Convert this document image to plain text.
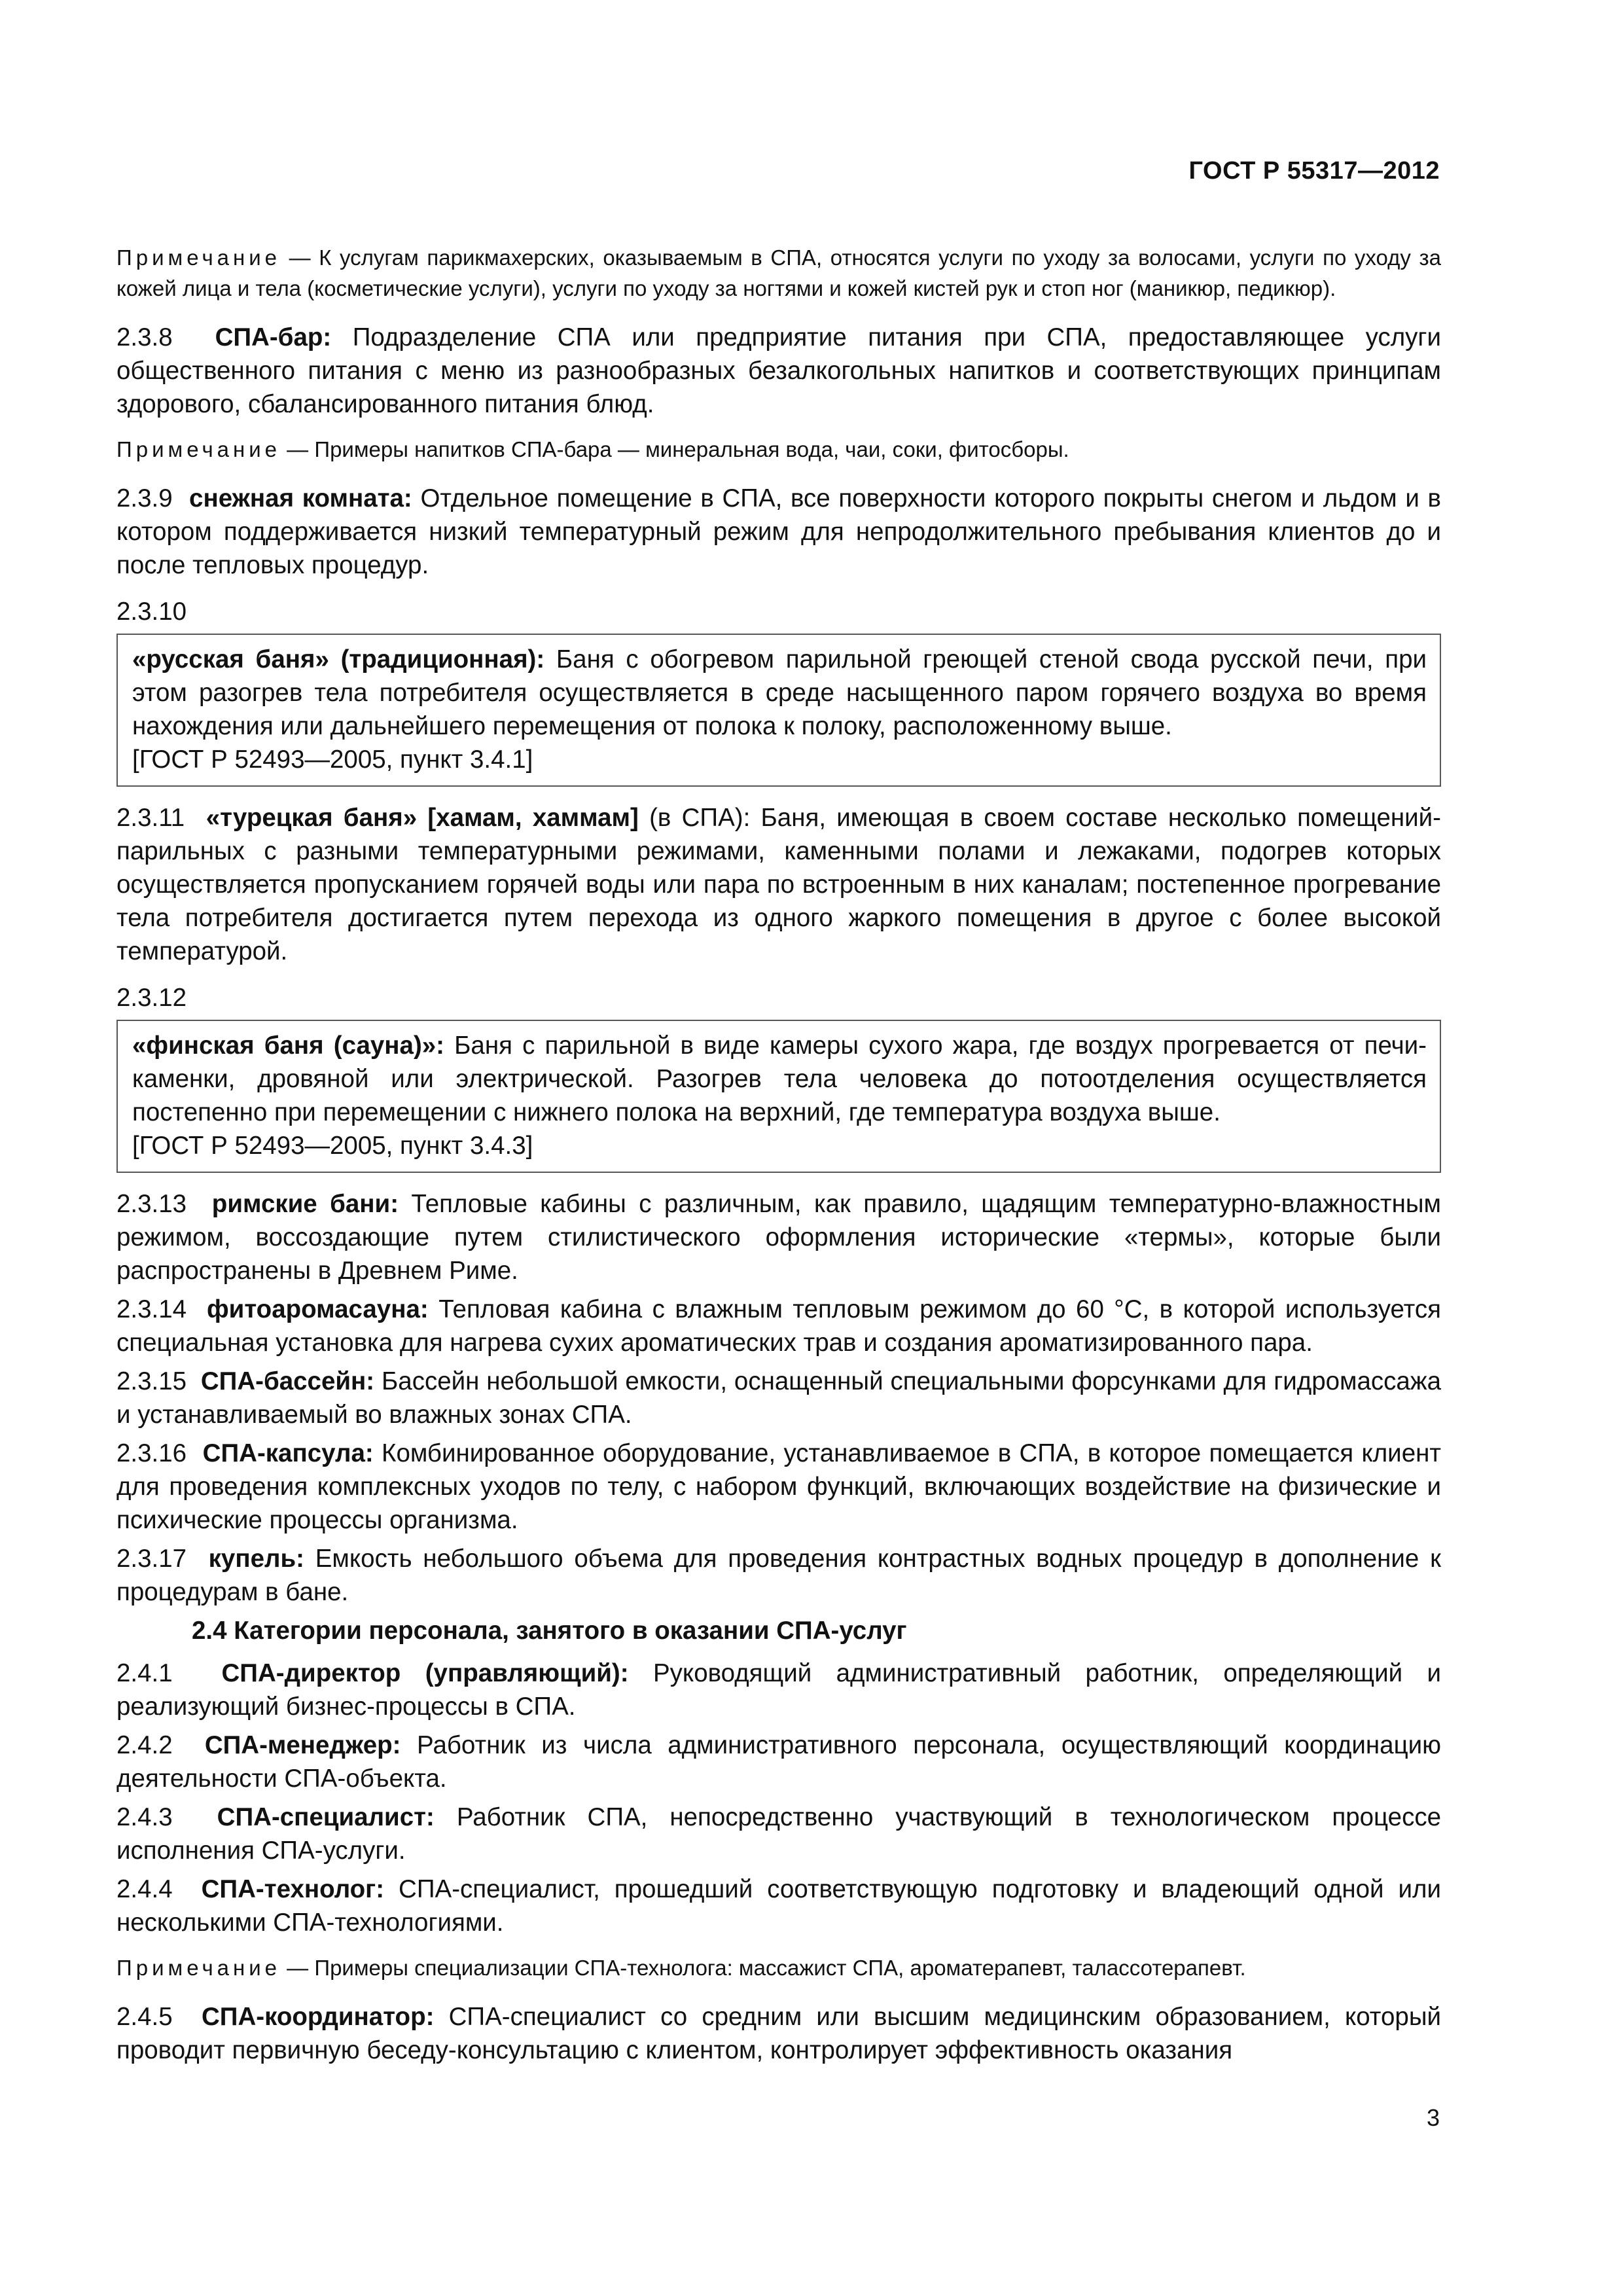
ГОСТ Р 55317—2012

Примечание — К услугам парикмахерских, оказываемым в СПА, относятся услуги по уходу за волосами, услуги по уходу за кожей лица и тела (косметические услуги), услуги по уходу за ногтями и кожей кистей рук и стоп ног (маникюр, педикюр).

2.3.8 СПА-бар: Подразделение СПА или предприятие питания при СПА, предоставляющее услуги общественного питания с меню из разнообразных безалкогольных напитков и соответствующих принципам здорового, сбалансированного питания блюд.

Примечание — Примеры напитков СПА-бара — минеральная вода, чаи, соки, фитосборы.

2.3.9 снежная комната: Отдельное помещение в СПА, все поверхности которого покрыты снегом и льдом и в котором поддерживается низкий температурный режим для непродолжительного пребывания клиентов до и после тепловых процедур.

2.3.10

«русская баня» (традиционная): Баня с обогревом парильной греющей стеной свода русской печи, при этом разогрев тела потребителя осуществляется в среде насыщенного паром горячего воздуха во время нахождения или дальнейшего перемещения от полока к полоку, расположенному выше.

[ГОСТ Р 52493—2005, пункт 3.4.1]

2.3.11 «турецкая баня» [хамам, хаммам] (в СПА): Баня, имеющая в своем составе несколько помещений-парильных с разными температурными режимами, каменными полами и лежаками, подогрев которых осуществляется пропусканием горячей воды или пара по встроенным в них каналам; постепенное прогревание тела потребителя достигается путем перехода из одного жаркого помещения в другое с более высокой температурой.

2.3.12

«финская баня (сауна)»: Баня с парильной в виде камеры сухого жара, где воздух прогревается от печи-каменки, дровяной или электрической. Разогрев тела человека до потоотделения осуществляется постепенно при перемещении с нижнего полока на верхний, где температура воздуха выше.

[ГОСТ Р 52493—2005, пункт 3.4.3]

2.3.13 римские бани: Тепловые кабины с различным, как правило, щадящим температурно-влажностным режимом, воссоздающие путем стилистического оформления исторические «термы», которые были распространены в Древнем Риме.

2.3.14 фитоаромасауна: Тепловая кабина с влажным тепловым режимом до 60 °С, в которой используется специальная установка для нагрева сухих ароматических трав и создания ароматизированного пара.

2.3.15 СПА-бассейн: Бассейн небольшой емкости, оснащенный специальными форсунками для гидромассажа и устанавливаемый во влажных зонах СПА.

2.3.16 СПА-капсула: Комбинированное оборудование, устанавливаемое в СПА, в которое помещается клиент для проведения комплексных уходов по телу, с набором функций, включающих воздействие на физические и психические процессы организма.

2.3.17 купель: Емкость небольшого объема для проведения контрастных водных процедур в дополнение к процедурам в бане.

2.4 Категории персонала, занятого в оказании СПА-услуг

2.4.1 СПА-директор (управляющий): Руководящий административный работник, определяющий и реализующий бизнес-процессы в СПА.

2.4.2 СПА-менеджер: Работник из числа административного персонала, осуществляющий координацию деятельности СПА-объекта.

2.4.3 СПА-специалист: Работник СПА, непосредственно участвующий в технологическом процессе исполнения СПА-услуги.

2.4.4 СПА-технолог: СПА-специалист, прошедший соответствующую подготовку и владеющий одной или несколькими СПА-технологиями.

Примечание — Примеры специализации СПА-технолога: массажист СПА, ароматерапевт, талассотерапевт.

2.4.5 СПА-координатор: СПА-специалист со средним или высшим медицинским образованием, который проводит первичную беседу-консультацию с клиентом, контролирует эффективность оказания

3
